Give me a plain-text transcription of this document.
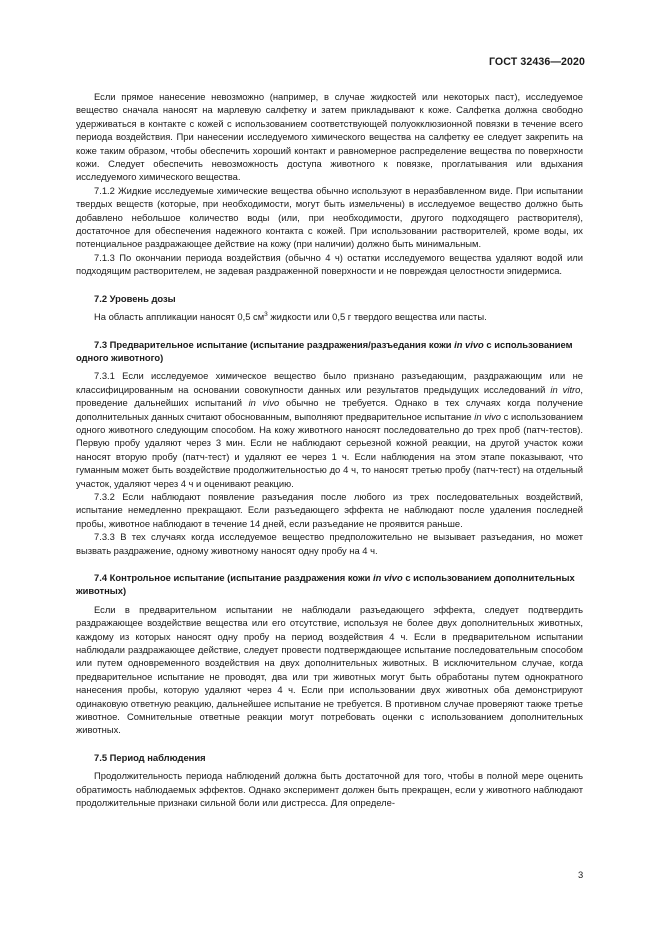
ГОСТ 32436—2020

Если прямое нанесение невозможно (например, в случае жидкостей или некоторых паст), исследуемое вещество сначала наносят на марлевую салфетку и затем прикладывают к коже. Салфетка должна свободно удерживаться в контакте с кожей с использованием соответствующей полуокклюзионной повязки в течение всего периода воздействия. При нанесении исследуемого химического вещества на салфетку ее следует закрепить на коже таким образом, чтобы обеспечить хороший контакт и равномерное распределение вещества по поверхности кожи. Следует обеспечить невозможность доступа животного к повязке, проглатывания или вдыхания исследуемого химического вещества.

7.1.2 Жидкие исследуемые химические вещества обычно используют в неразбавленном виде. При испытании твердых веществ (которые, при необходимости, могут быть измельчены) в исследуемое вещество должно быть добавлено небольшое количество воды (или, при необходимости, другого подходящего растворителя), достаточное для обеспечения надежного контакта с кожей. При использовании растворителей, кроме воды, их потенциальное раздражающее действие на кожу (при наличии) должно быть минимальным.

7.1.3 По окончании периода воздействия (обычно 4 ч) остатки исследуемого вещества удаляют водой или подходящим растворителем, не задевая раздраженной поверхности и не повреждая целостности эпидермиса.

7.2 Уровень дозы

На область аппликации наносят 0,5 $см^3$ жидкости или 0,5 г твердого вещества или пасты.

7.3 Предварительное испытание (испытание раздражения/разъедания кожи in vivo с использованием одного животного)

7.3.1 Если исследуемое химическое вещество было признано разъедающим, раздражающим или не классифицированным на основании совокупности данных или результатов предыдущих исследований in vitro, проведение дальнейших испытаний in vivo обычно не требуется. Однако в тех случаях когда получение дополнительных данных считают обоснованным, выполняют предварительное испытание in vivo с использованием одного животного следующим способом. На кожу животного наносят последовательно до трех проб (патч-тестов). Первую пробу удаляют через 3 мин. Если не наблюдают серьезной кожной реакции, на другой участок кожи наносят вторую пробу (патч-тест) и удаляют ее через 1 ч. Если наблюдения на этом этапе показывают, что гуманным может быть воздействие продолжительностью до 4 ч, то наносят третью пробу (патч-тест) на отдельный участок, удаляют через 4 ч и оценивают реакцию.

7.3.2 Если наблюдают появление разъедания после любого из трех последовательных воздействий, испытание немедленно прекращают. Если разъедающего эффекта не наблюдают после удаления последней пробы, животное наблюдают в течение 14 дней, если разъедание не проявится раньше.

7.3.3 В тех случаях когда исследуемое вещество предположительно не вызывает разъедания, но может вызвать раздражение, одному животному наносят одну пробу на 4 ч.

7.4 Контрольное испытание (испытание раздражения кожи in vivo с использованием дополнительных животных)

Если в предварительном испытании не наблюдали разъедающего эффекта, следует подтвердить раздражающее воздействие вещества или его отсутствие, используя не более двух дополнительных животных, каждому из которых наносят одну пробу на период воздействия 4 ч. Если в предварительном испытании наблюдали раздражающее действие, следует провести подтверждающее испытание последовательным способом или путем одновременного воздействия на двух дополнительных животных. В исключительном случае, когда предварительное испытание не проводят, два или три животных могут быть обработаны путем однократного нанесения пробы, которую удаляют через 4 ч. Если при использовании двух животных оба демонстрируют одинаковую ответную реакцию, дальнейшее испытание не требуется. В противном случае проверяют также третье животное. Сомнительные ответные реакции могут потребовать оценки с использованием дополнительных животных.

7.5 Период наблюдения

Продолжительность периода наблюдений должна быть достаточной для того, чтобы в полной мере оценить обратимость наблюдаемых эффектов. Однако эксперимент должен быть прекращен, если у животного наблюдают продолжительные признаки сильной боли или дистресса. Для определе-

3
